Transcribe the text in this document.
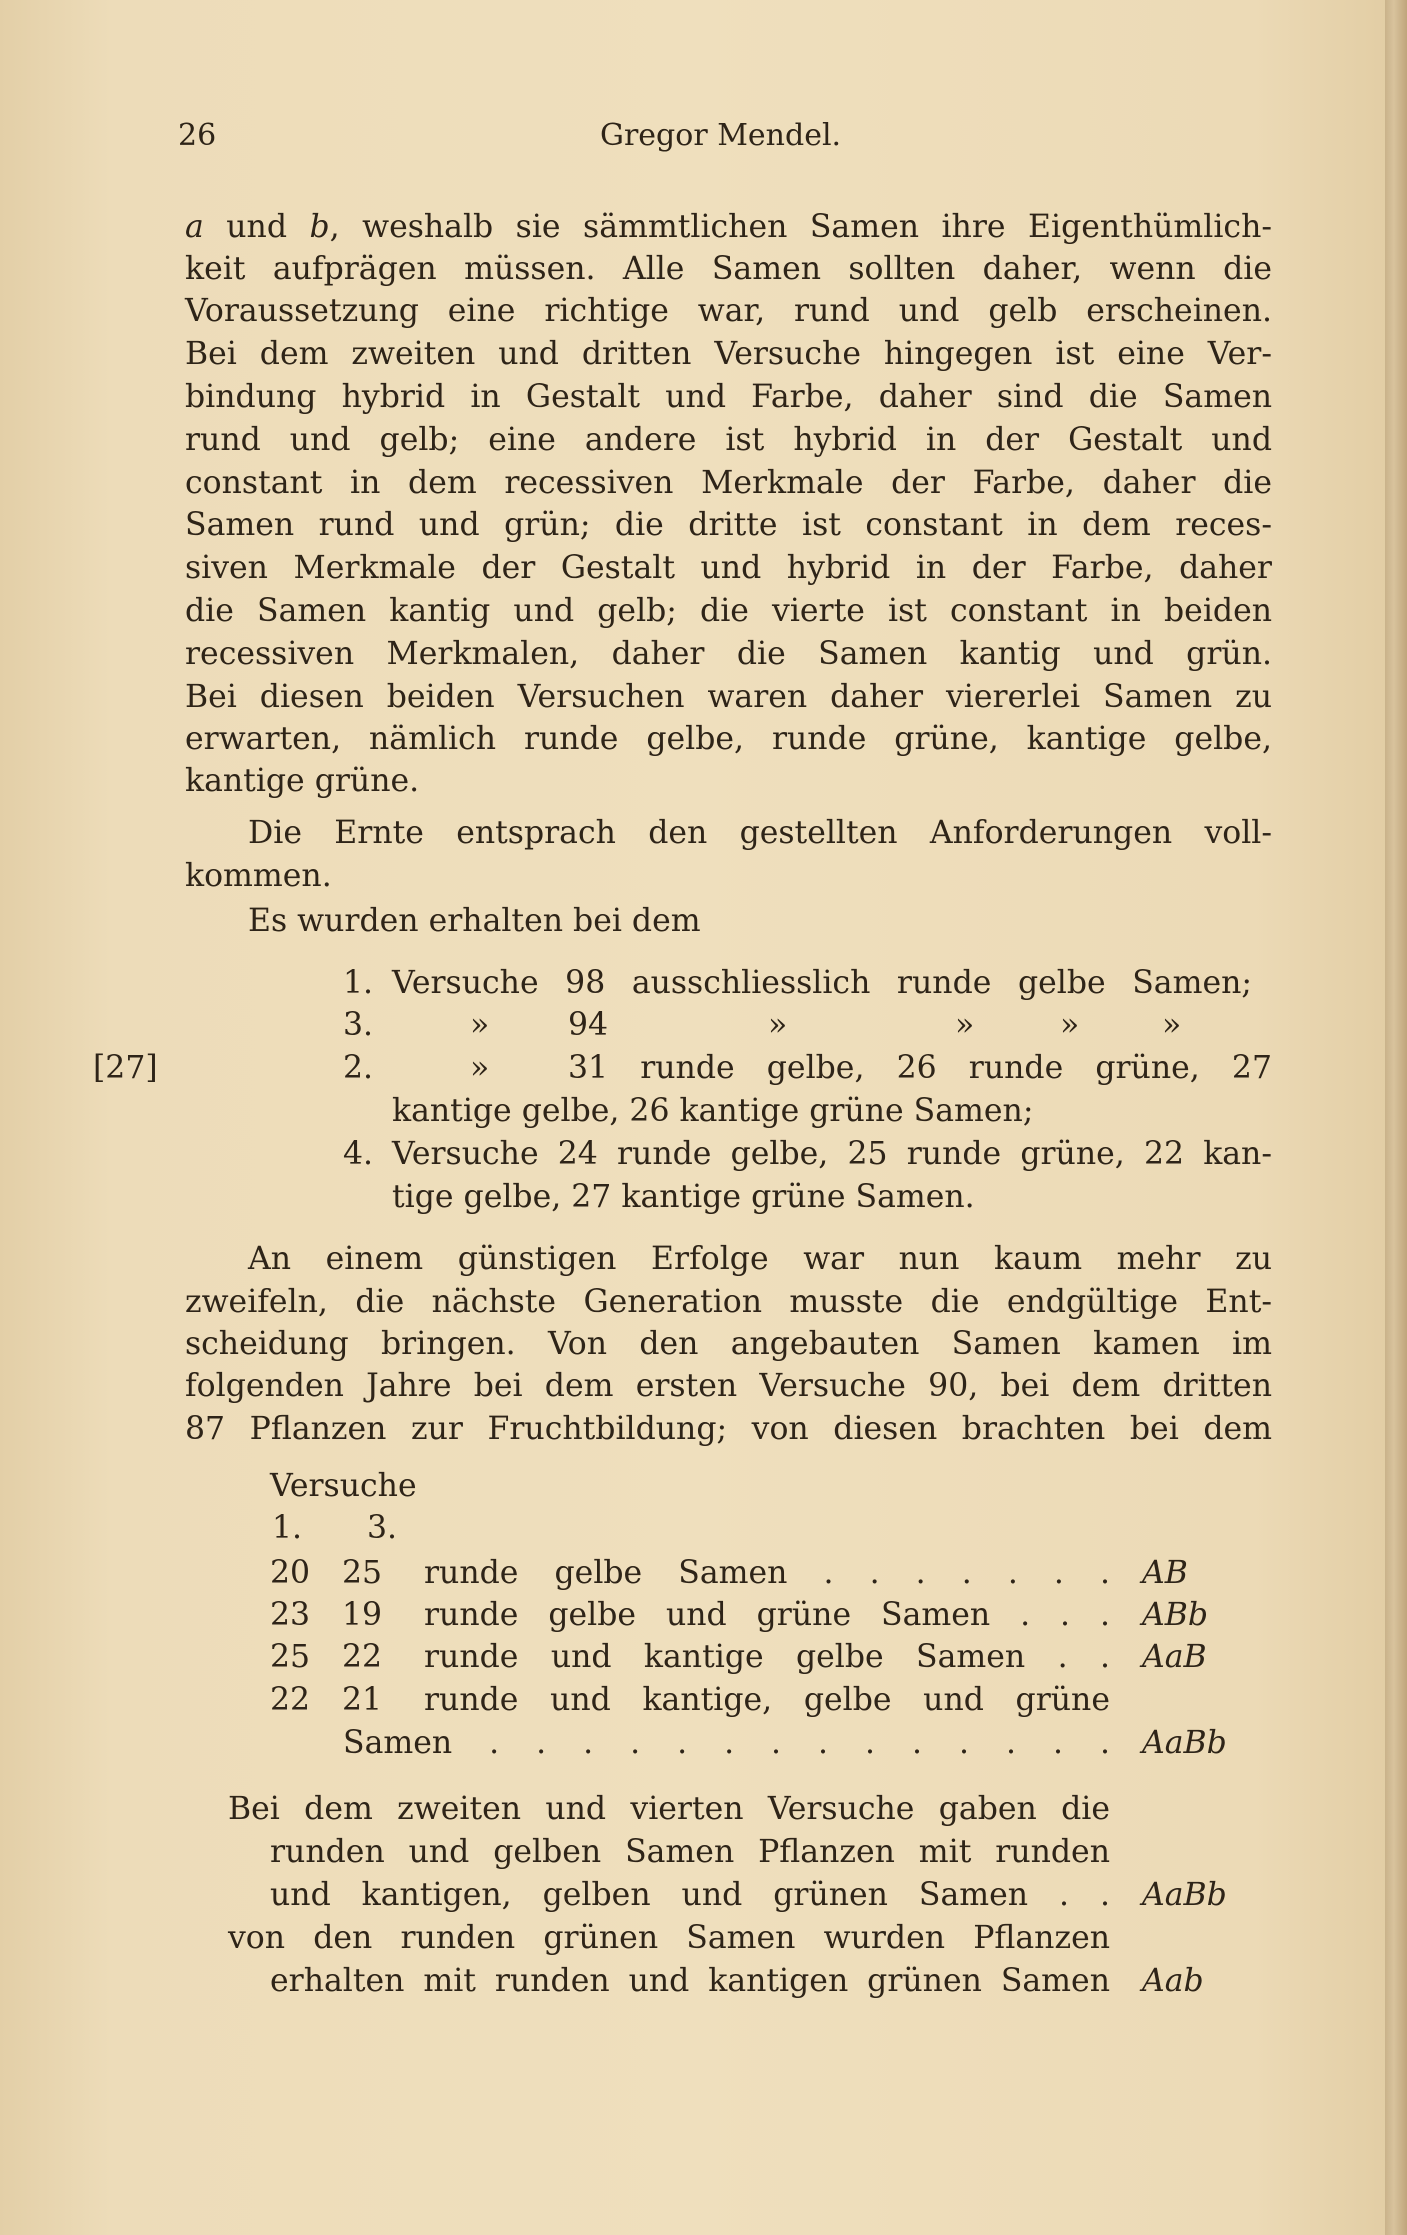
26	Gregor Mendel.
a und b, weshalb sie sämmtlichen Samen ihre Eigenthümlich-
keit aufprägen müssen. Alle Samen sollten daher, wenn die
Voraussetzung eine richtige war, rund und gelb erscheinen.
Bei dem zweiten und dritten Versuche hingegen ist eine Ver-
bindung hybrid in Gestalt und Farbe, daher sind die Samen
rund und gelb; eine andere ist hybrid in der Gestalt und
constant in dem recessiven Merkmale der Farbe, daher die
Samen rund und grün; die dritte ist constant in dem reces-
siven Merkmale der Gestalt und hybrid in der Farbe, daher
die Samen kantig und gelb; die vierte ist constant in beiden
recessiven Merkmalen, daher die Samen kantig und grün.
Bei diesen beiden Versuchen waren daher viererlei Samen zu
erwarten, nämlich runde gelbe, runde grüne, kantige gelbe,
kantige grüne.
Die Ernte entsprach den gestellten Anforderungen voll-
kommen.
Es wurden erhalten bei dem
1. Versuche 98 ausschliesslich runde gelbe Samen;
3.	» 94	»	»	»	»
[27]	2.	» 31 runde gelbe, 26 runde grüne, 27
kantige gelbe, 26 kantige grüne Samen;
4. Versuche 24 runde gelbe, 25 runde grüne, 22 kan-
tige gelbe, 27 kantige grüne Samen.
An einem günstigen Erfolge war nun kaum mehr zu
zweifeln, die nächste Generation musste die endgültige Ent-
scheidung bringen. Von den angebauten Samen kamen im
folgenden Jahre bei dem ersten Versuche 90, bei dem dritten
87 Pflanzen zur Fruchtbildung; von diesen brachten bei dem
Versuche
1. 3.
20 25 runde gelbe Samen . . . . . . . AB
23 19 runde gelbe und grüne Samen . . . ABb
25 22 runde und kantige gelbe Samen . . AaB
22 21 runde und kantige, gelbe und grüne
Samen . . . . . . . . . . . . . . AaBb
Bei dem zweiten und vierten Versuche gaben die
runden und gelben Samen Pflanzen mit runden
und kantigen, gelben und grünen Samen . . AaBb
von den runden grünen Samen wurden Pflanzen
erhalten mit runden und kantigen grünen Samen Aab
